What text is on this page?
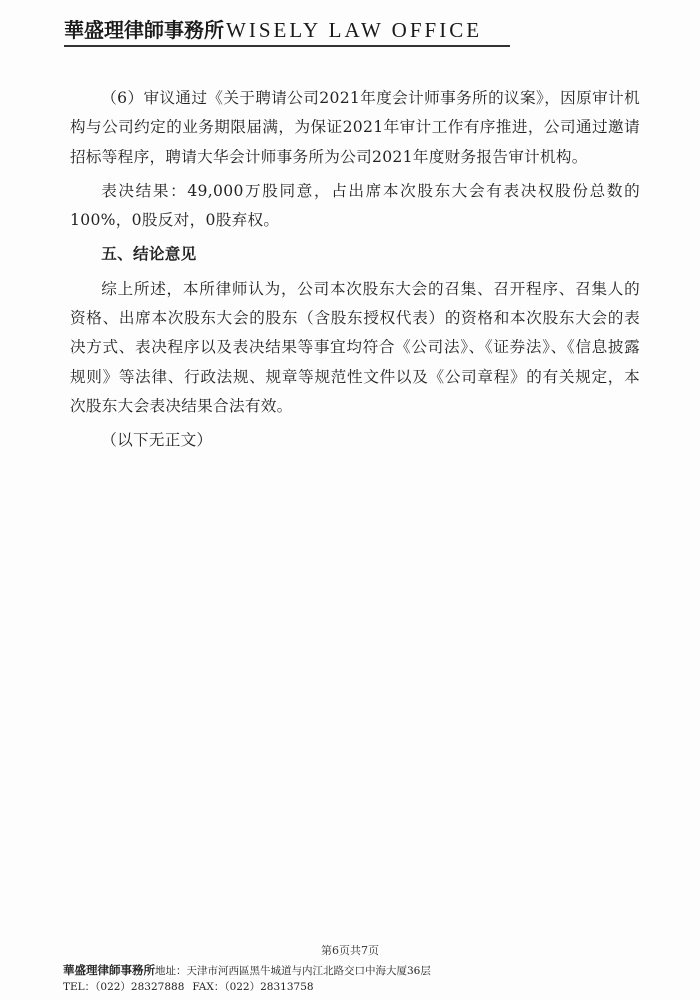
華盛理律師事務所WISELY LAW OFFICE

（6）审议通过《关于聘请公司2021年度会计师事务所的议案》，因原审计机构与公司约定的业务期限届满，为保证2021年审计工作有序推进，公司通过邀请招标等程序，聘请大华会计师事务所为公司2021年度财务报告审计机构。

表决结果：49,000万股同意，占出席本次股东大会有表决权股份总数的100%，0股反对，0股弃权。

五、结论意见

综上所述，本所律师认为，公司本次股东大会的召集、召开程序、召集人的资格、出席本次股东大会的股东（含股东授权代表）的资格和本次股东大会的表决方式、表决程序以及表决结果等事宜均符合《公司法》、《证券法》、《信息披露规则》等法律、行政法规、规章等规范性文件以及《公司章程》的有关规定，本次股东大会表决结果合法有效。

（以下无正文）

第6页共7页
華盛理律師事務所地址：天津市河西區黑牛城道与内江北路交口中海大厦36层
TEL：（022）28327888 FAX：（022）28313758
